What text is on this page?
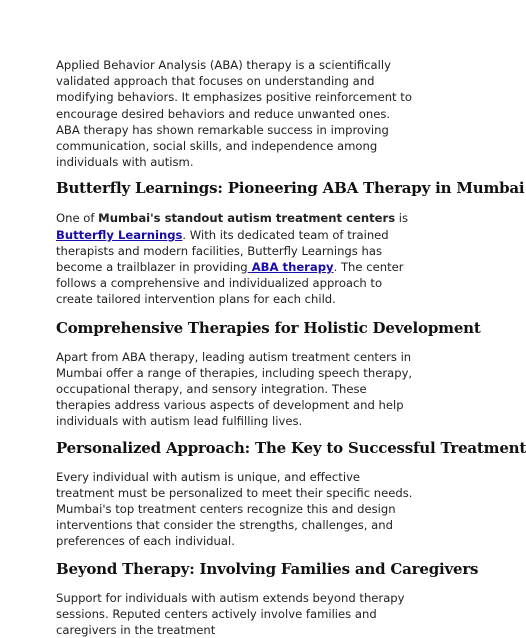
Applied Behavior Analysis (ABA) therapy is a scientifically validated approach that focuses on understanding and modifying behaviors. It emphasizes positive reinforcement to encourage desired behaviors and reduce unwanted ones. ABA therapy has shown remarkable success in improving communication, social skills, and independence among individuals with autism.

Butterfly Learnings: Pioneering ABA Therapy in Mumbai

One of Mumbai's standout autism treatment centers is Butterfly Learnings. With its dedicated team of trained therapists and modern facilities, Butterfly Learnings has become a trailblazer in providing ABA therapy. The center follows a comprehensive and individualized approach to create tailored intervention plans for each child.

Comprehensive Therapies for Holistic Development

Apart from ABA therapy, leading autism treatment centers in Mumbai offer a range of therapies, including speech therapy, occupational therapy, and sensory integration. These therapies address various aspects of development and help individuals with autism lead fulfilling lives.

Personalized Approach: The Key to Successful Treatment

Every individual with autism is unique, and effective treatment must be personalized to meet their specific needs. Mumbai's top treatment centers recognize this and design interventions that consider the strengths, challenges, and preferences of each individual.

Beyond Therapy: Involving Families and Caregivers

Support for individuals with autism extends beyond therapy sessions. Reputed centers actively involve families and caregivers in the treatment
